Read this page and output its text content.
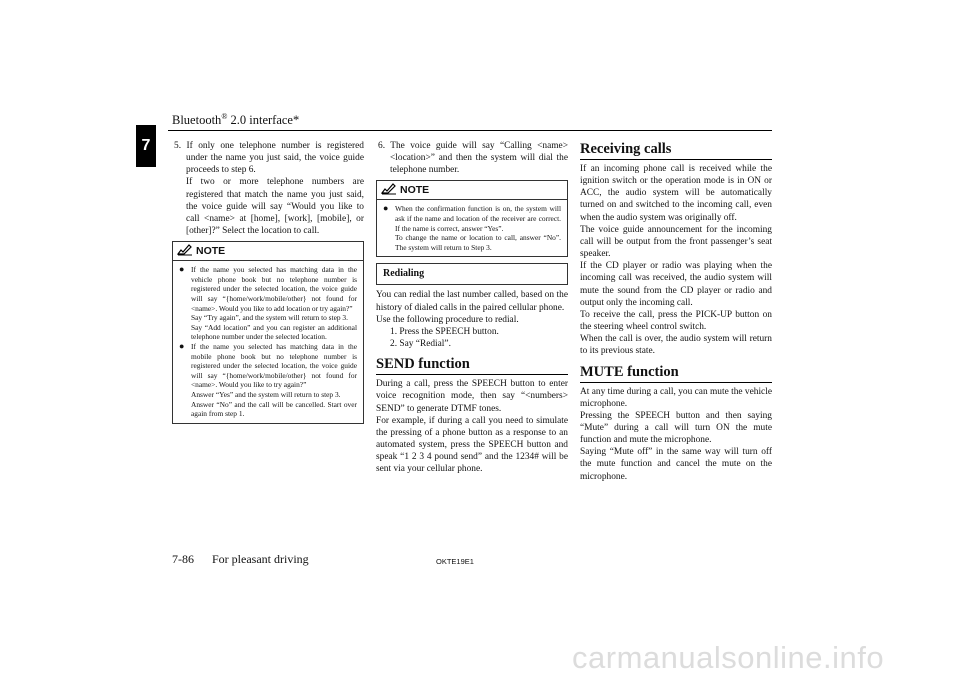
Bluetooth® 2.0 interface*
7	5. If only one telephone number is registered under the name you just said, the voice guide proceeds to step 6.

If two or more telephone numbers are registered that match the name you just said, the voice guide will say “Would you like to call <name> at [home], [work], [mobile], or [other]?” Select the location to call.

NOTE
● If the name you selected has matching data in the vehicle phone book but no telephone number is registered under the selected location, the voice guide will say “{home/work/mobile/other} not found for <name>. Would you like to add location or try again?”
Say “Try again”, and the system will return to step 3.
Say “Add location” and you can register an additional telephone number under the selected location.
● If the name you selected has matching data in the mobile phone book but no telephone number is registered under the selected location, the voice guide will say “{home/work/mobile/other} not found for <name>. Would you like to try again?”
Answer “Yes” and the system will return to step 3.
Answer “No” and the call will be cancelled. Start over again from step 1.

6. The voice guide will say “Calling <name> <location>” and then the system will dial the telephone number.

NOTE
● When the confirmation function is on, the system will ask if the name and location of the receiver are correct. If the name is correct, answer “Yes”.
To change the name or location to call, answer “No”. The system will return to Step 3.
Redialing

You can redial the last number called, based on the history of dialed calls in the paired cellular phone.

Use the following procedure to redial.

1. Press the SPEECH button.

2. Say “Redial”.

SEND function

During a call, press the SPEECH button to enter voice recognition mode, then say “<numbers> SEND” to generate DTMF tones.

For example, if during a call you need to simulate the pressing of a phone button as a response to an automated system, press the SPEECH button and speak “1 2 3 4 pound send” and the 1234# will be sent via your cellular phone.

Receiving calls

If an incoming phone call is received while the ignition switch or the operation mode is in ON or ACC, the audio system will be automatically turned on and switched to the incoming call, even when the audio system was originally off.

The voice guide announcement for the incoming call will be output from the front passenger’s seat speaker.

If the CD player or radio was playing when the incoming call was received, the audio system will mute the sound from the CD player or radio and output only the incoming call.

To receive the call, press the PICK-UP button on the steering wheel control switch.

When the call is over, the audio system will return to its previous state.

MUTE function

At any time during a call, you can mute the vehicle microphone.

Pressing the SPEECH button and then saying “Mute” during a call will turn ON the mute function and mute the microphone.

Saying “Mute off” in the same way will turn off the mute function and cancel the mute on the microphone.

7-86 For pleasant driving	OKTE19E1
carmanualsonline.info
